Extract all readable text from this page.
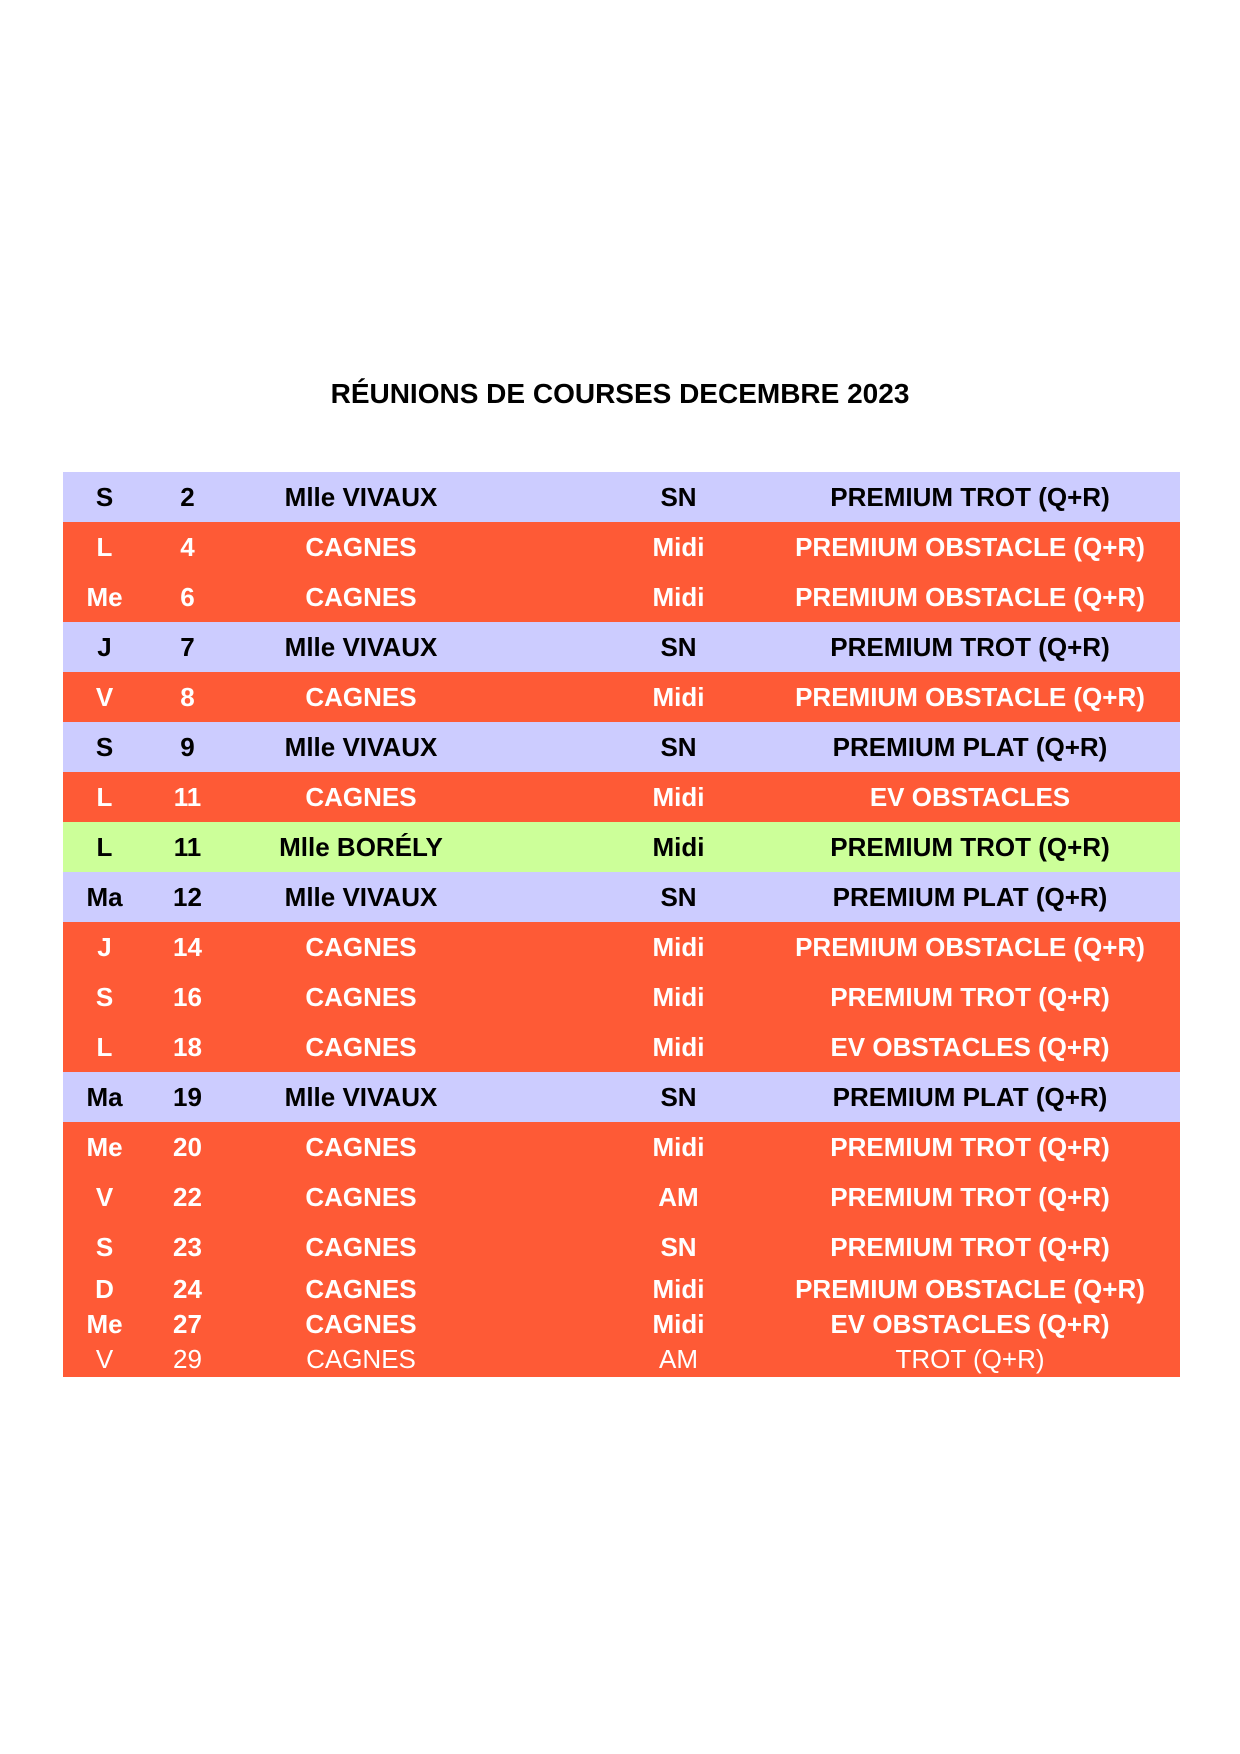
RÉUNIONS DE COURSES DECEMBRE 2023
S	2	Mlle VIVAUX	SN	PREMIUM TROT (Q+R)
L	4	CAGNES	Midi	PREMIUM OBSTACLE (Q+R)
Me	6	CAGNES	Midi	PREMIUM OBSTACLE (Q+R)
J	7	Mlle VIVAUX	SN	PREMIUM TROT (Q+R)
V	8	CAGNES	Midi	PREMIUM OBSTACLE (Q+R)
S	9	Mlle VIVAUX	SN	PREMIUM PLAT (Q+R)
L	11	CAGNES	Midi	EV OBSTACLES
L	11	Mlle BORÉLY	Midi	PREMIUM TROT (Q+R)
Ma	12	Mlle VIVAUX	SN	PREMIUM PLAT (Q+R)
J	14	CAGNES	Midi	PREMIUM OBSTACLE (Q+R)
S	16	CAGNES	Midi	PREMIUM TROT (Q+R)
L	18	CAGNES	Midi	EV OBSTACLES (Q+R)
Ma	19	Mlle VIVAUX	SN	PREMIUM PLAT (Q+R)
Me	20	CAGNES	Midi	PREMIUM TROT (Q+R)
V	22	CAGNES	AM	PREMIUM TROT (Q+R)
S	23	CAGNES	SN	PREMIUM TROT (Q+R)
D	24	CAGNES	Midi	PREMIUM OBSTACLE (Q+R)
Me	27	CAGNES	Midi	EV OBSTACLES (Q+R)
V	29	CAGNES	AM	TROT (Q+R)
